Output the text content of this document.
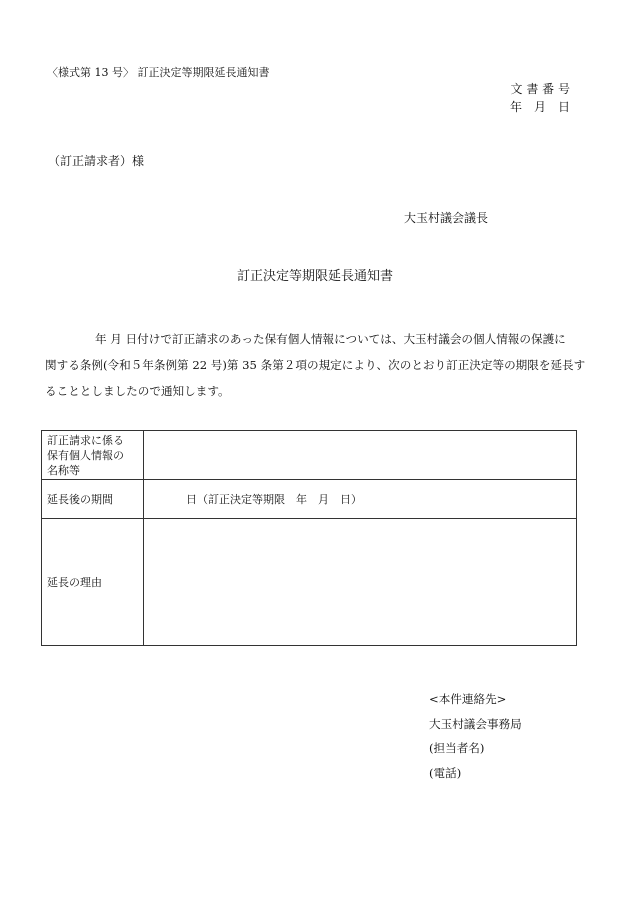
〈様式第 13 号〉 訂正決定等期限延長通知書
文 書 番 号
年　月　日
（訂正請求者）様
大玉村議会議長
訂正決定等期限延長通知書
年 月 日付けで訂正請求のあった保有個人情報については、大玉村議会の個人情報の保護に
関する条例(令和５年条例第 22 号)第 35 条第２項の規定により、次のとおり訂正決定等の期限を延長す
ることとしましたので通知します。
訂正請求に係る
保有個人情報の
名称等	

延長後の期間	日（訂正決定等期限　年　月　日）
延長の理由	
<本件連絡先>
大玉村議会事務局
(担当者名)
(電話)
